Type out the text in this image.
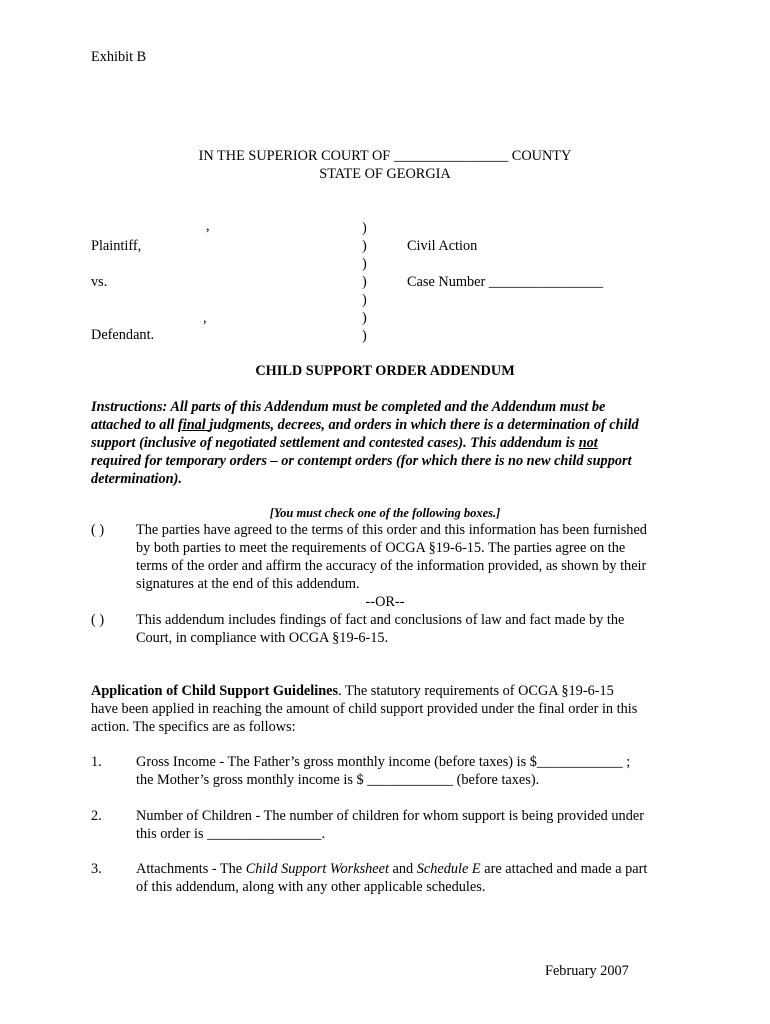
Exhibit B
IN THE SUPERIOR COURT OF ________________ COUNTY
STATE OF GEORGIA
,
Plaintiff,
vs.
,
Defendant.
)
)
)
)
)
)
)
Civil Action
Case Number ________________
CHILD SUPPORT ORDER ADDENDUM
Instructions: All parts of this Addendum must be completed and the Addendum must be
attached to all final judgments, decrees, and orders in which there is a determination of child
support (inclusive of negotiated settlement and contested cases). This addendum is not
required for temporary orders – or contempt orders (for which there is no new child support
determination).
[You must check one of the following boxes.]
( ) The parties have agreed to the terms of this order and this information has been furnished
by both parties to meet the requirements of OCGA §19-6-15. The parties agree on the
terms of the order and affirm the accuracy of the information provided, as shown by their
signatures at the end of this addendum.
--OR--
( ) This addendum includes findings of fact and conclusions of law and fact made by the
Court, in compliance with OCGA §19-6-15.
Application of Child Support Guidelines. The statutory requirements of OCGA §19-6-15
have been applied in reaching the amount of child support provided under the final order in this
action. The specifics are as follows:
1. Gross Income - The Father’s gross monthly income (before taxes) is $____________ ;
the Mother’s gross monthly income is $ ____________ (before taxes).
2. Number of Children - The number of children for whom support is being provided under
this order is ________________.
3. Attachments - The Child Support Worksheet and Schedule E are attached and made a part
of this addendum, along with any other applicable schedules.
February 2007
